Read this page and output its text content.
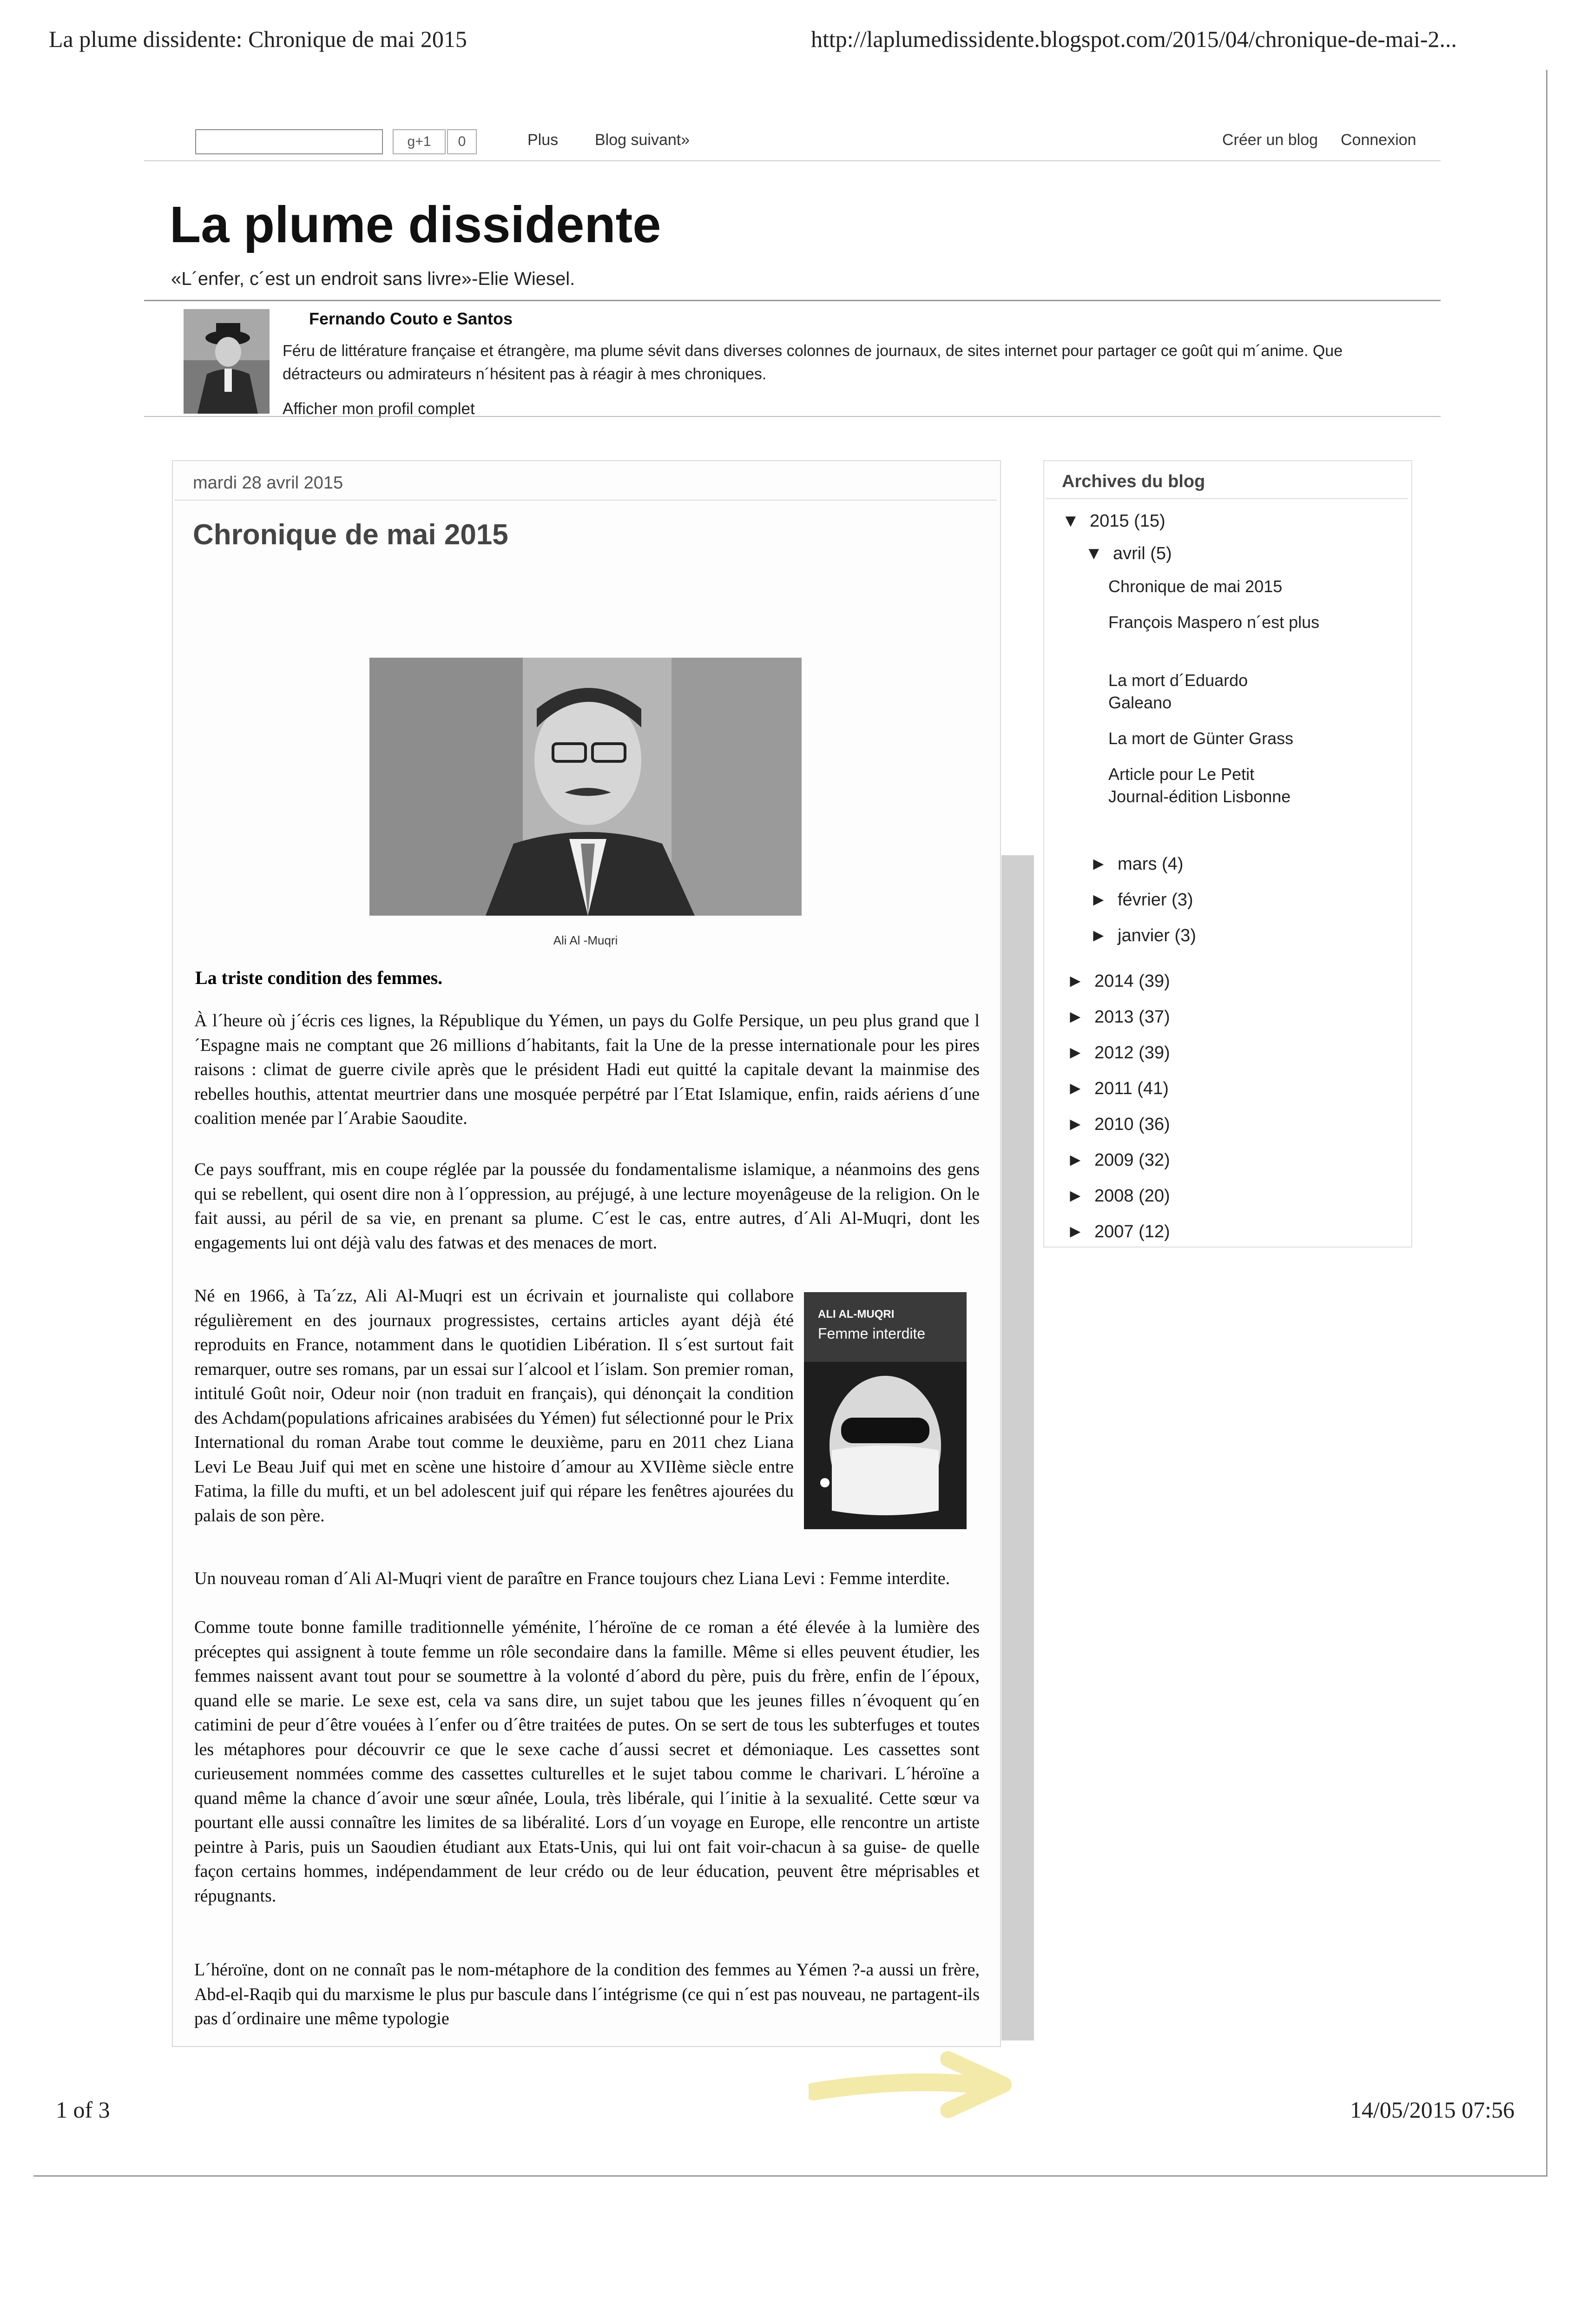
La plume dissidente: Chronique de mai 2015	http://laplumedissidente.blogspot.com/2015/04/chronique-de-mai-2...
g+1	0	Plus Blog suivant»	Créer un blog Connexion
La plume dissidente
«L´enfer, c´est un endroit sans livre»-Elie Wiesel.
Fernando Couto e Santos
Féru de littérature française et étrangère, ma plume sévit dans diverses colonnes de journaux, de sites internet pour partager ce goût qui m´anime. Que détracteurs ou admirateurs n´hésitent pas à réagir à mes chroniques.
Afficher mon profil complet
mardi 28 avril 2015
Chronique de mai 2015
Ali Al -Muqri
La triste condition des femmes.

À l´heure où j´écris ces lignes, la République du Yémen, un pays du Golfe Persique, un peu plus grand que l´Espagne mais ne comptant que 26 millions d´habitants, fait la Une de la presse internationale pour les pires raisons : climat de guerre civile après que le président Hadi eut quitté la capitale devant la mainmise des rebelles houthis, attentat meurtrier dans une mosquée perpétré par l´Etat Islamique, enfin, raids aériens d´une coalition menée par l´Arabie Saoudite.

Ce pays souffrant, mis en coupe réglée par la poussée du fondamentalisme islamique, a néanmoins des gens qui se rebellent, qui osent dire non à l´oppression, au préjugé, à une lecture moyenâgeuse de la religion. On le fait aussi, au péril de sa vie, en prenant sa plume. C´est le cas, entre autres, d´Ali Al-Muqri, dont les engagements lui ont déjà valu des fatwas et des menaces de mort.

Né en 1966, à Ta´zz, Ali Al-Muqri est un écrivain et journaliste qui collabore régulièrement en des journaux progressistes, certains articles ayant déjà été reproduits en France, notamment dans le quotidien Libération. Il s´est surtout fait remarquer, outre ses romans, par un essai sur l´alcool et l´islam. Son premier roman, intitulé Goût noir, Odeur noir (non traduit en français), qui dénonçait la condition des Achdam(populations africaines arabisées du Yémen) fut sélectionné pour le Prix International du roman Arabe tout comme le deuxième, paru en 2011 chez Liana Levi Le Beau Juif qui met en scène une histoire d´amour au XVIIème siècle entre Fatima, la fille du mufti, et un bel adolescent juif qui répare les fenêtres ajourées du palais de son père.

ALI AL-MUQRI
Femme interdite

Un nouveau roman d´Ali Al-Muqri vient de paraître en France toujours chez Liana Levi : Femme interdite.

Comme toute bonne famille traditionnelle yéménite, l´héroïne de ce roman a été élevée à la lumière des préceptes qui assignent à toute femme un rôle secondaire dans la famille. Même si elles peuvent étudier, les femmes naissent avant tout pour se soumettre à la volonté d´abord du père, puis du frère, enfin de l´époux, quand elle se marie. Le sexe est, cela va sans dire, un sujet tabou que les jeunes filles n´évoquent qu´en catimini de peur d´être vouées à l´enfer ou d´être traitées de putes. On se sert de tous les subterfuges et toutes les métaphores pour découvrir ce que le sexe cache d´aussi secret et démoniaque. Les cassettes sont curieusement nommées comme des cassettes culturelles et le sujet tabou comme le charivari. L´héroïne a quand même la chance d´avoir une sœur aînée, Loula, très libérale, qui l´initie à la sexualité. Cette sœur va pourtant elle aussi connaître les limites de sa libéralité. Lors d´un voyage en Europe, elle rencontre un artiste peintre à Paris, puis un Saoudien étudiant aux Etats-Unis, qui lui ont fait voir-chacun à sa guise- de quelle façon certains hommes, indépendamment de leur crédo ou de leur éducation, peuvent être méprisables et répugnants.

L´héroïne, dont on ne connaît pas le nom-métaphore de la condition des femmes au Yémen ?-a aussi un frère, Abd-el-Raqib qui du marxisme le plus pur bascule dans l´intégrisme (ce qui n´est pas nouveau, ne partagent-ils pas d´ordinaire une même typologie

Archives du blog
▼ 2015 (15)
▼ avril (5)
Chronique de mai 2015
François Maspero n´est plus
La mort d´Eduardo Galeano
La mort de Günter Grass
Article pour Le Petit Journal-édition Lisbonne
► mars (4)
► février (3)
► janvier (3)
► 2014 (39)
► 2013 (37)
► 2012 (39)
► 2011 (41)
► 2010 (36)
► 2009 (32)
► 2008 (20)
► 2007 (12)
1 of 3	14/05/2015 07:56
